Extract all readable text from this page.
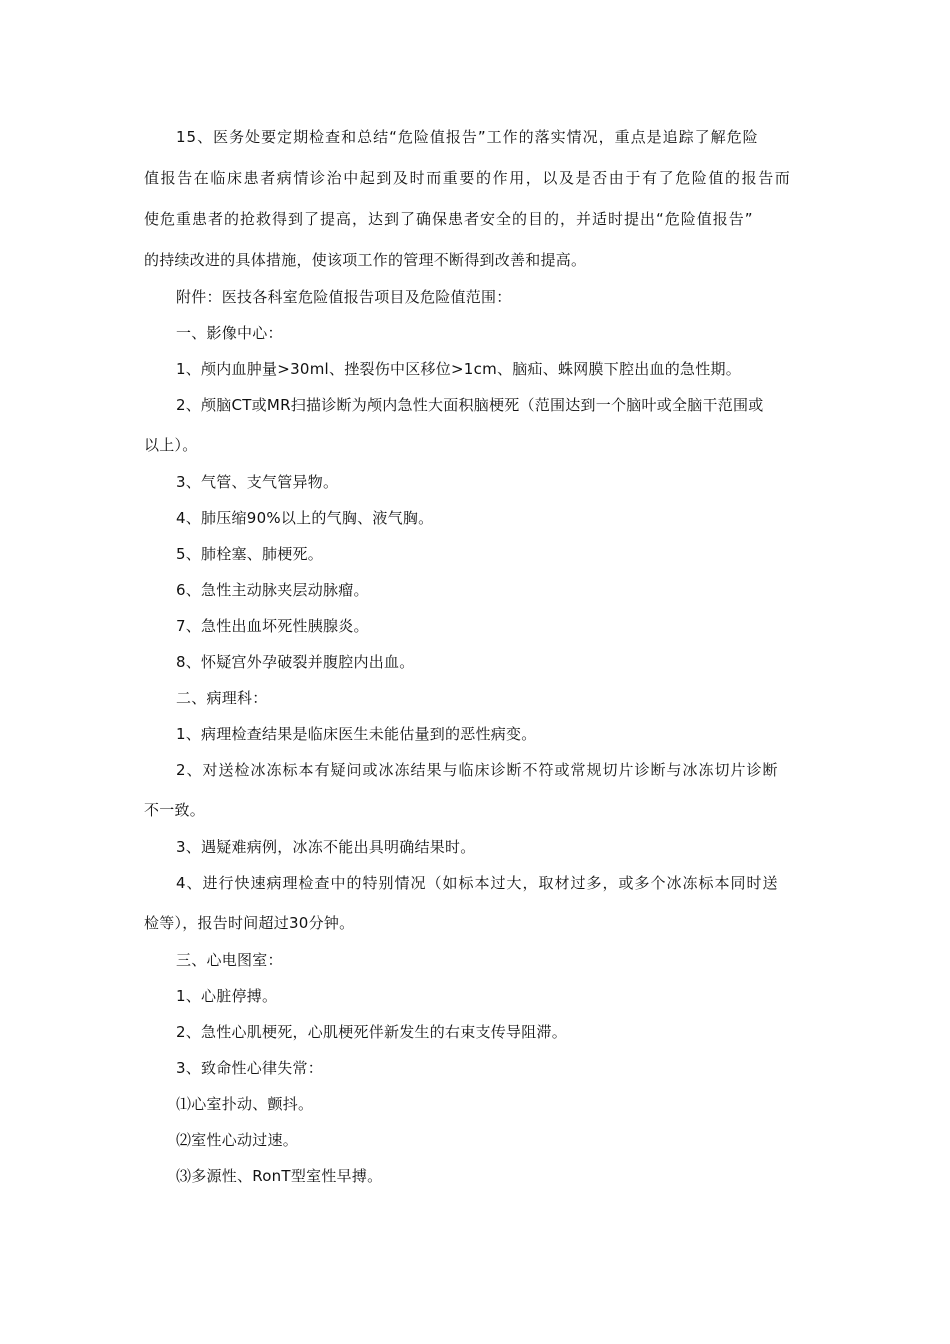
15、医务处要定期检查和总结“危险值报告”工作的落实情况，重点是追踪了解危险
值报告在临床患者病情诊治中起到及时而重要的作用，以及是否由于有了危险值的报告而
使危重患者的抢救得到了提高，达到了确保患者安全的目的，并适时提出“危险值报告”
的持续改进的具体措施，使该项工作的管理不断得到改善和提高。
附件：医技各科室危险值报告项目及危险值范围：
一、影像中心：
1、颅内血肿量>30ml、挫裂伤中区移位>1cm、脑疝、蛛网膜下腔出血的急性期。
2、颅脑CT或MR扫描诊断为颅内急性大面积脑梗死（范围达到一个脑叶或全脑干范围或
以上）。
3、气管、支气管异物。
4、肺压缩90%以上的气胸、液气胸。
5、肺栓塞、肺梗死。
6、急性主动脉夹层动脉瘤。
7、急性出血坏死性胰腺炎。
8、怀疑宫外孕破裂并腹腔内出血。
二、病理科：
1、病理检查结果是临床医生未能估量到的恶性病变。
2、对送检冰冻标本有疑问或冰冻结果与临床诊断不符或常规切片诊断与冰冻切片诊断
不一致。
3、遇疑难病例，冰冻不能出具明确结果时。
4、进行快速病理检查中的特别情况（如标本过大，取材过多，或多个冰冻标本同时送
检等），报告时间超过30分钟。
三、心电图室：
1、心脏停搏。
2、急性心肌梗死，心肌梗死伴新发生的右束支传导阻滞。
3、致命性心律失常：
⑴心室扑动、颤抖。
⑵室性心动过速。
⑶多源性、RonT型室性早搏。
